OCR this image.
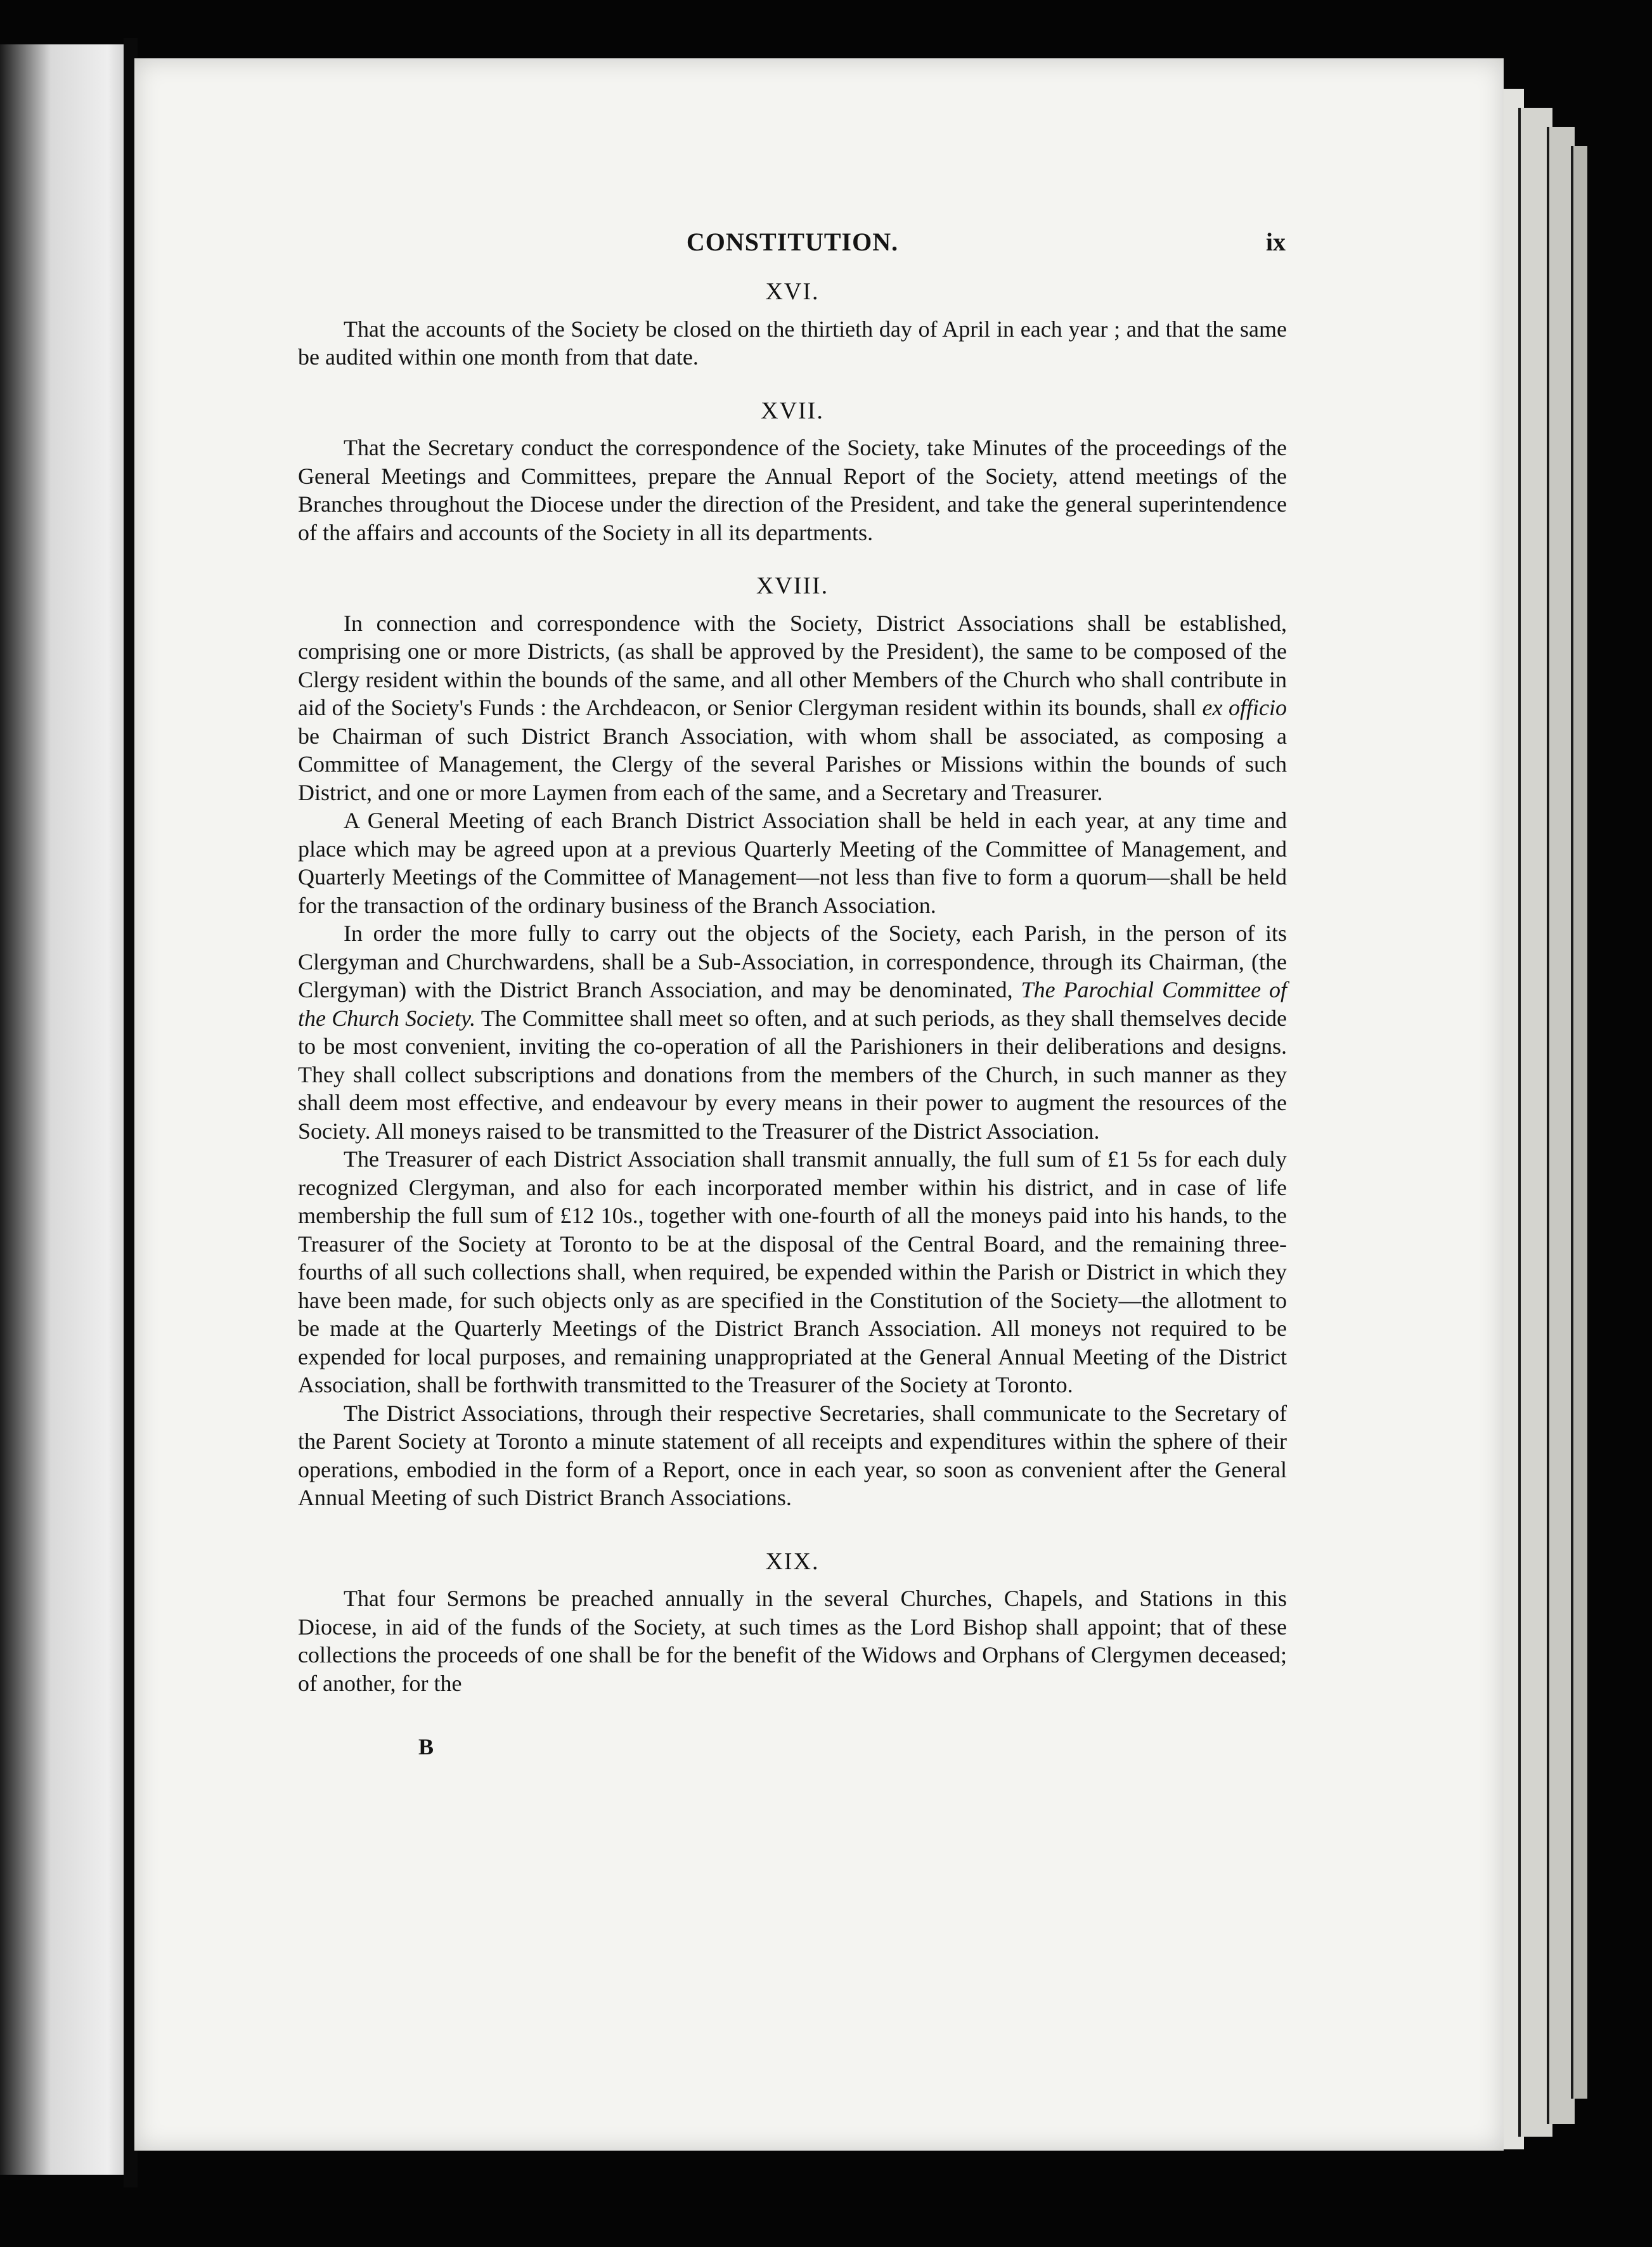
CONSTITUTION.	ix
XVI.

That the accounts of the Society be closed on the thirtieth day of April in each year ; and that the same be audited within one month from that date.

XVII.

That the Secretary conduct the correspondence of the Society, take Minutes of the proceedings of the General Meetings and Committees, prepare the Annual Report of the Society, attend meetings of the Branches throughout the Diocese under the direction of the President, and take the general superintendence of the affairs and accounts of the Society in all its departments.

XVIII.

In connection and correspondence with the Society, District Associations shall be established, comprising one or more Districts, (as shall be approved by the President), the same to be composed of the Clergy resident within the bounds of the same, and all other Members of the Church who shall contribute in aid of the Society's Funds : the Archdeacon, or Senior Clergyman resident within its bounds, shall ex officio be Chairman of such District Branch Association, with whom shall be associated, as composing a Committee of Management, the Clergy of the several Parishes or Missions within the bounds of such District, and one or more Laymen from each of the same, and a Secretary and Treasurer.

A General Meeting of each Branch District Association shall be held in each year, at any time and place which may be agreed upon at a previous Quarterly Meeting of the Committee of Management, and Quarterly Meetings of the Committee of Management—not less than five to form a quorum—shall be held for the transaction of the ordinary business of the Branch Association.

In order the more fully to carry out the objects of the Society, each Parish, in the person of its Clergyman and Churchwardens, shall be a Sub-Association, in correspondence, through its Chairman, (the Clergyman) with the District Branch Association, and may be denominated, The Parochial Committee of the Church Society. The Committee shall meet so often, and at such periods, as they shall themselves decide to be most convenient, inviting the co-operation of all the Parishioners in their deliberations and designs. They shall collect subscriptions and donations from the members of the Church, in such manner as they shall deem most effective, and endeavour by every means in their power to augment the resources of the Society. All moneys raised to be transmitted to the Treasurer of the District Association.

The Treasurer of each District Association shall transmit annually, the full sum of £1 5s for each duly recognized Clergyman, and also for each incorporated member within his district, and in case of life membership the full sum of £12 10s., together with one-fourth of all the moneys paid into his hands, to the Treasurer of the Society at Toronto to be at the disposal of the Central Board, and the remaining three-fourths of all such collections shall, when required, be expended within the Parish or District in which they have been made, for such objects only as are specified in the Constitution of the Society—the allotment to be made at the Quarterly Meetings of the District Branch Association. All moneys not required to be expended for local purposes, and remaining unappropriated at the General Annual Meeting of the District Association, shall be forthwith transmitted to the Treasurer of the Society at Toronto.

The District Associations, through their respective Secretaries, shall communicate to the Secretary of the Parent Society at Toronto a minute statement of all receipts and expenditures within the sphere of their operations, embodied in the form of a Report, once in each year, so soon as convenient after the General Annual Meeting of such District Branch Associations.

XIX.

That four Sermons be preached annually in the several Churches, Chapels, and Stations in this Diocese, in aid of the funds of the Society, at such times as the Lord Bishop shall appoint; that of these collections the proceeds of one shall be for the benefit of the Widows and Orphans of Clergymen deceased; of another, for the

B
